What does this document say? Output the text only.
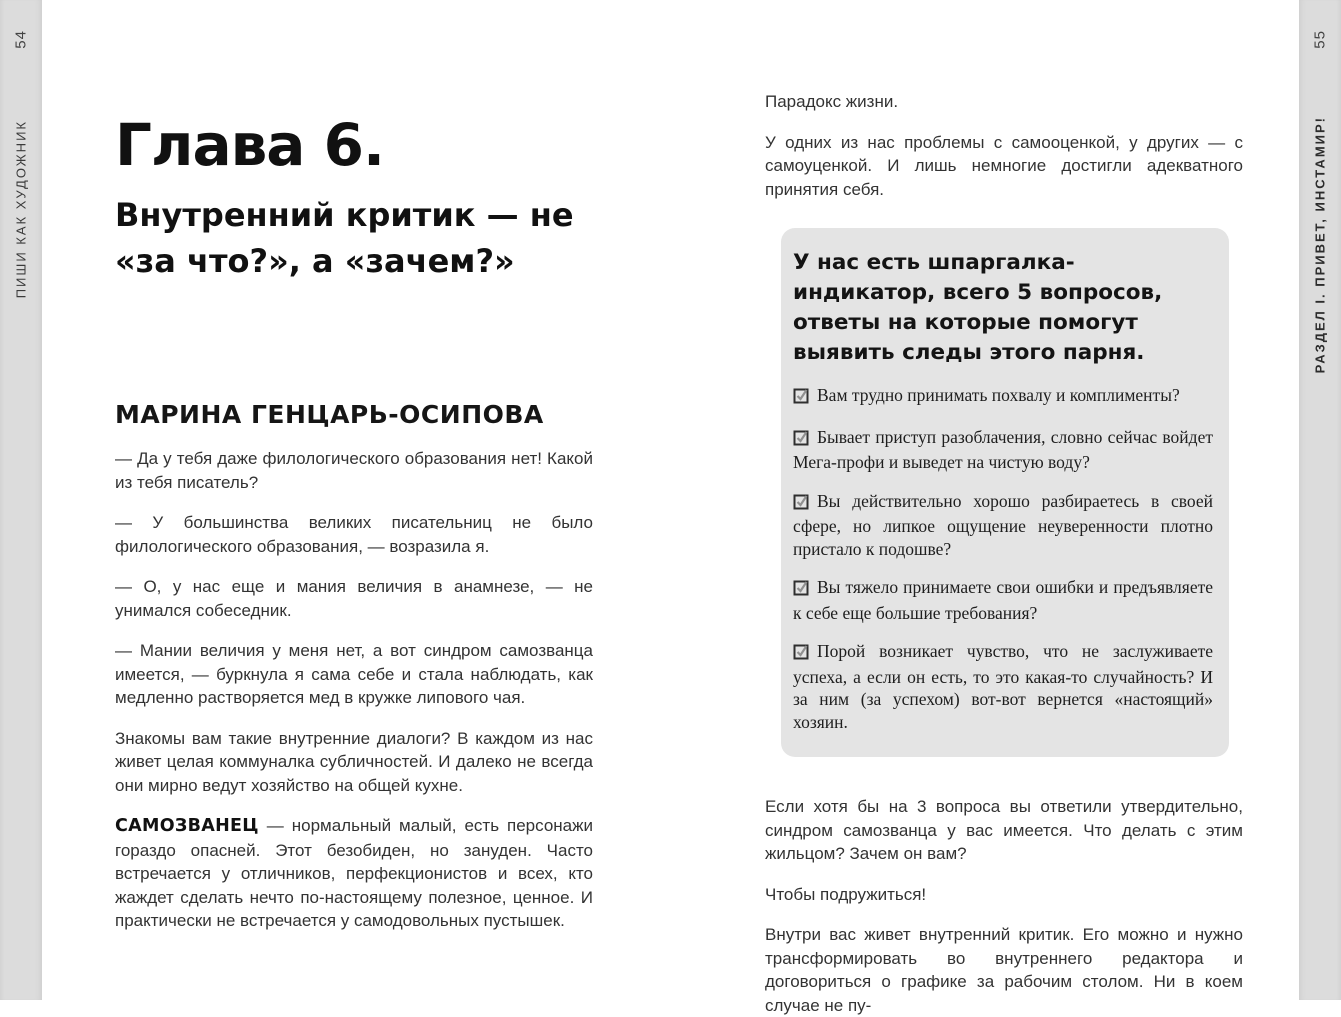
54
ПИШИ КАК ХУДОЖНИК
55
РАЗДЕЛ I. ПРИВЕТ, ИНСТАМИР!
Глава 6.
Внутренний критик — не «за что?», а «зачем?»
МАРИНА ГЕНЦАРЬ-ОСИПОВА

— Да у тебя даже филологического образования нет! Какой из тебя писатель?

— У большинства великих писательниц не было филологического образования, — возразила я.

— О, у нас еще и мания величия в анамнезе, — не унимался собеседник.

— Мании величия у меня нет, а вот синдром самозванца имеется, — буркнула я сама себе и стала наблюдать, как медленно растворяется мед в кружке липового чая.

Знакомы вам такие внутренние диалоги? В каждом из нас живет целая коммуналка субличностей. И далеко не всегда они мирно ведут хозяйство на общей кухне.

САМОЗВАНЕЦ — нормальный малый, есть персонажи гораздо опасней. Этот безобиден, но зануден. Часто встречается у отличников, перфекционистов и всех, кто жаждет сделать нечто по-настоящему полезное, ценное. И практически не встречается у самодовольных пустышек.

Парадокс жизни.

У одних из нас проблемы с самооценкой, у других — с самоуценкой. И лишь немногие достигли адекватного принятия себя.

У нас есть шпаргалка-индикатор, всего 5 вопросов, ответы на которые помогут выявить следы этого парня.

Вам трудно принимать похвалу и комплименты?

Бывает приступ разоблачения, словно сейчас войдет Мега-профи и выведет на чистую воду?

Вы действительно хорошо разбираетесь в своей сфере, но липкое ощущение неуверенности плотно пристало к подошве?

Вы тяжело принимаете свои ошибки и предъявляете к себе еще большие требования?

Порой возникает чувство, что не заслуживаете успеха, а если он есть, то это какая-то случайность? И за ним (за успехом) вот-вот вернется «настоящий» хозяин.

Если хотя бы на 3 вопроса вы ответили утвердительно, синдром самозванца у вас имеется. Что делать с этим жильцом? Зачем он вам?

Чтобы подружиться!

Внутри вас живет внутренний критик. Его можно и нужно трансформировать во внутреннего редактора и договориться о графике за рабочим столом. Ни в коем случае не пу-
